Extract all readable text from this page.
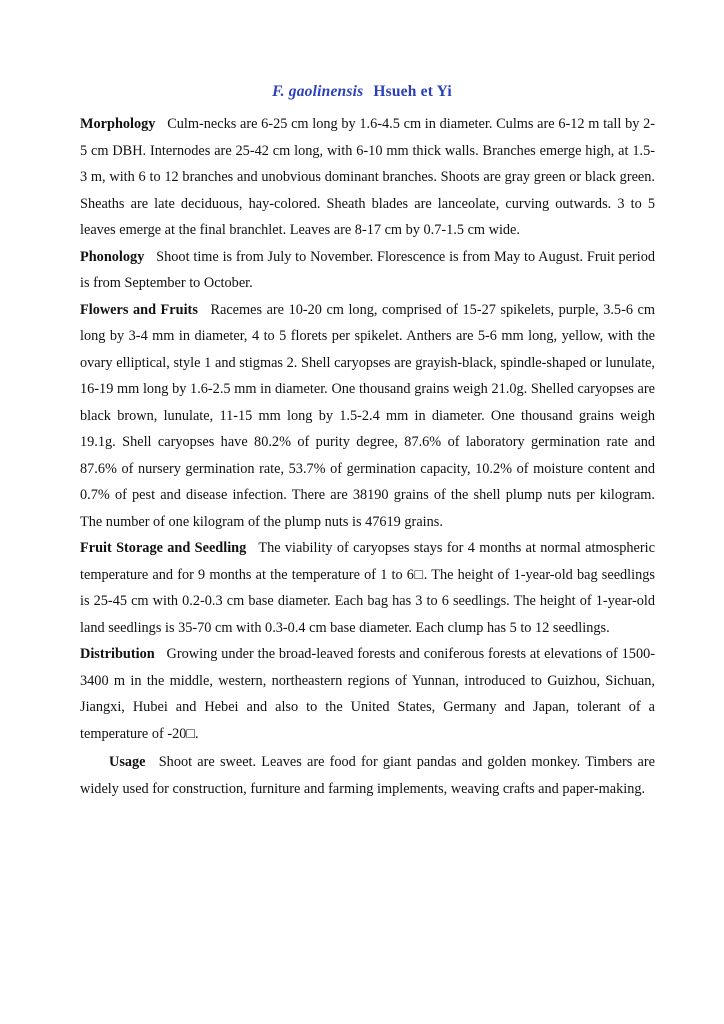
F. gaolinensis Hsueh et Yi

Morphology Culm-necks are 6-25 cm long by 1.6-4.5 cm in diameter. Culms are 6-12 m tall by 2-5 cm DBH. Internodes are 25-42 cm long, with 6-10 mm thick walls. Branches emerge high, at 1.5-3 m, with 6 to 12 branches and unobvious dominant branches. Shoots are gray green or black green. Sheaths are late deciduous, hay-colored. Sheath blades are lanceolate, curving outwards. 3 to 5 leaves emerge at the final branchlet. Leaves are 8-17 cm by 0.7-1.5 cm wide.

Phonology Shoot time is from July to November. Florescence is from May to August. Fruit period is from September to October.

Flowers and Fruits Racemes are 10-20 cm long, comprised of 15-27 spikelets, purple, 3.5-6 cm long by 3-4 mm in diameter, 4 to 5 florets per spikelet. Anthers are 5-6 mm long, yellow, with the ovary elliptical, style 1 and stigmas 2. Shell caryopses are grayish-black, spindle-shaped or lunulate, 16-19 mm long by 1.6-2.5 mm in diameter. One thousand grains weigh 21.0g. Shelled caryopses are black brown, lunulate, 11-15 mm long by 1.5-2.4 mm in diameter. One thousand grains weigh 19.1g. Shell caryopses have 80.2% of purity degree, 87.6% of laboratory germination rate and 87.6% of nursery germination rate, 53.7% of germination capacity, 10.2% of moisture content and 0.7% of pest and disease infection. There are 38190 grains of the shell plump nuts per kilogram. The number of one kilogram of the plump nuts is 47619 grains.

Fruit Storage and Seedling The viability of caryopses stays for 4 months at normal atmospheric temperature and for 9 months at the temperature of 1 to 6□. The height of 1-year-old bag seedlings is 25-45 cm with 0.2-0.3 cm base diameter. Each bag has 3 to 6 seedlings. The height of 1-year-old land seedlings is 35-70 cm with 0.3-0.4 cm base diameter. Each clump has 5 to 12 seedlings.

Distribution Growing under the broad-leaved forests and coniferous forests at elevations of 1500-3400 m in the middle, western, northeastern regions of Yunnan, introduced to Guizhou, Sichuan, Jiangxi, Hubei and Hebei and also to the United States, Germany and Japan, tolerant of a temperature of -20□.

Usage Shoot are sweet. Leaves are food for giant pandas and golden monkey. Timbers are widely used for construction, furniture and farming implements, weaving crafts and paper-making.
